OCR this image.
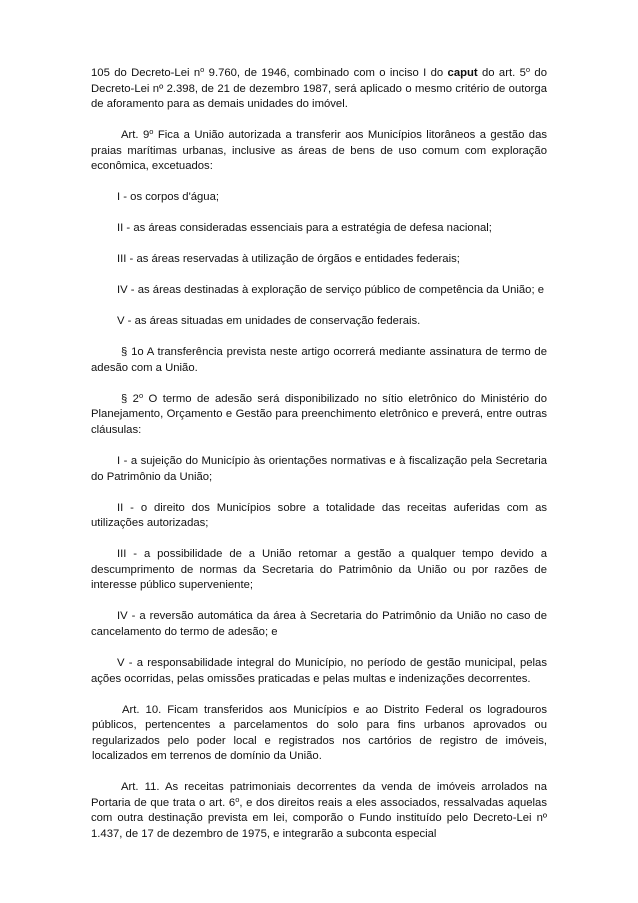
105 do Decreto-Lei $n^o$ 9.760, de 1946, combinado com o inciso I do caput do art. 5$^o$ do Decreto-Lei nº 2.398, de 21 de dezembro 1987, será aplicado o mesmo critério de outorga de aforamento para as demais unidades do imóvel.

Art. 9$^o$ Fica a União autorizada a transferir aos Municípios litorâneos a gestão das praias marítimas urbanas, inclusive as áreas de bens de uso comum com exploração econômica, excetuados:

I - os corpos d'água;

II - as áreas consideradas essenciais para a estratégia de defesa nacional;

III - as áreas reservadas à utilização de órgãos e entidades federais;

IV - as áreas destinadas à exploração de serviço público de competência da União; e

V - as áreas situadas em unidades de conservação federais.

§ 1o A transferência prevista neste artigo ocorrerá mediante assinatura de termo de adesão com a União.

§ 2$^o$ O termo de adesão será disponibilizado no sítio eletrônico do Ministério do Planejamento, Orçamento e Gestão para preenchimento eletrônico e preverá, entre outras cláusulas:

I - a sujeição do Município às orientações normativas e à fiscalização pela Secretaria do Patrimônio da União;

II - o direito dos Municípios sobre a totalidade das receitas auferidas com as utilizações autorizadas;

III - a possibilidade de a União retomar a gestão a qualquer tempo devido a descumprimento de normas da Secretaria do Patrimônio da União ou por razões de interesse público superveniente;

IV - a reversão automática da área à Secretaria do Patrimônio da União no caso de cancelamento do termo de adesão; e

V - a responsabilidade integral do Município, no período de gestão municipal, pelas ações ocorridas, pelas omissões praticadas e pelas multas e indenizações decorrentes.

Art. 10. Ficam transferidos aos Municípios e ao Distrito Federal os logradouros públicos, pertencentes a parcelamentos do solo para fins urbanos aprovados ou regularizados pelo poder local e registrados nos cartórios de registro de imóveis, localizados em terrenos de domínio da União.

Art. 11. As receitas patrimoniais decorrentes da venda de imóveis arrolados na Portaria de que trata o art. 6$^o$, e dos direitos reais a eles associados, ressalvadas aquelas com outra destinação prevista em lei, comporão o Fundo instituído pelo Decreto-Lei nº 1.437, de 17 de dezembro de 1975, e integrarão a subconta especial
